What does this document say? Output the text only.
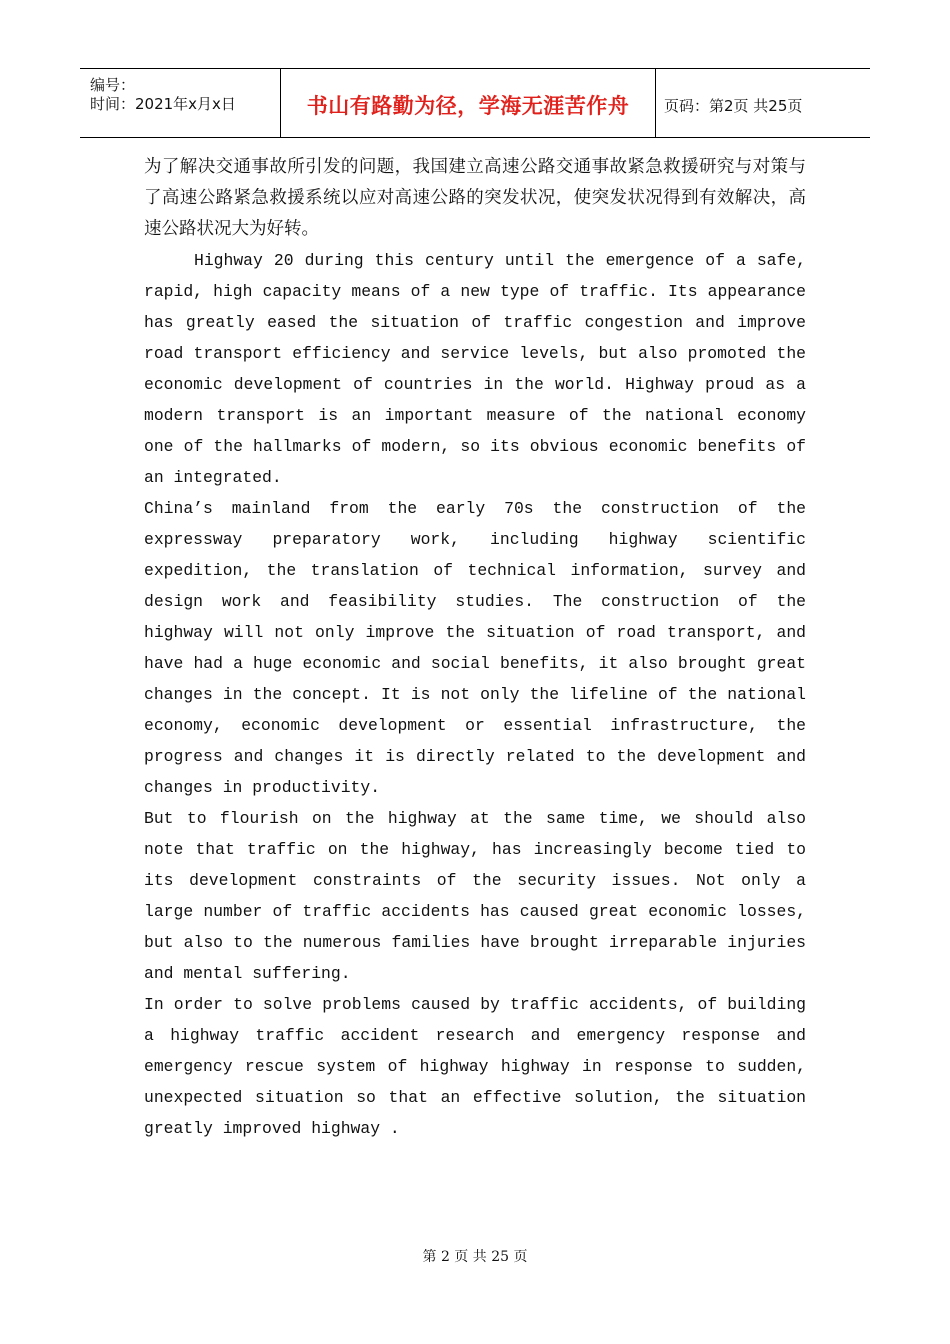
编号：
时间：2021年x月x日	书山有路勤为径，学海无涯苦作舟	页码：第2页 共25页

为了解决交通事故所引发的问题，我国建立高速公路交通事故紧急救援研究与对策与了高速公路紧急救援系统以应对高速公路的突发状况，使突发状况得到有效解决，高速公路状况大为好转。

Highway 20 during this century until the emergence of a safe, rapid, high capacity means of a new type of traffic. Its appearance has greatly eased the situation of traffic congestion and improve road transport efficiency and service levels, but also promoted the economic development of countries in the world. Highway proud as a modern transport is an important measure of the national economy one of the hallmarks of modern, so its obvious economic benefits of an integrated.

China’s mainland from the early 70s the construction of the expressway preparatory work, including highway scientific expedition, the translation of technical information, survey and design work and feasibility studies. The construction of the highway will not only improve the situation of road transport, and have had a huge economic and social benefits, it also brought great changes in the concept. It is not only the lifeline of the national economy, economic development or essential infrastructure, the progress and changes it is directly related to the development and changes in productivity.

But to flourish on the highway at the same time, we should also note that traffic on the highway, has increasingly become tied to its development constraints of the security issues. Not only a large number of traffic accidents has caused great economic losses, but also to the numerous families have brought irreparable injuries and mental suffering.

In order to solve problems caused by traffic accidents, of building a highway traffic accident research and emergency response and emergency rescue system of highway highway in response to sudden, unexpected situation so that an effective solution, the situation greatly improved highway .

第 2 页 共 25 页
